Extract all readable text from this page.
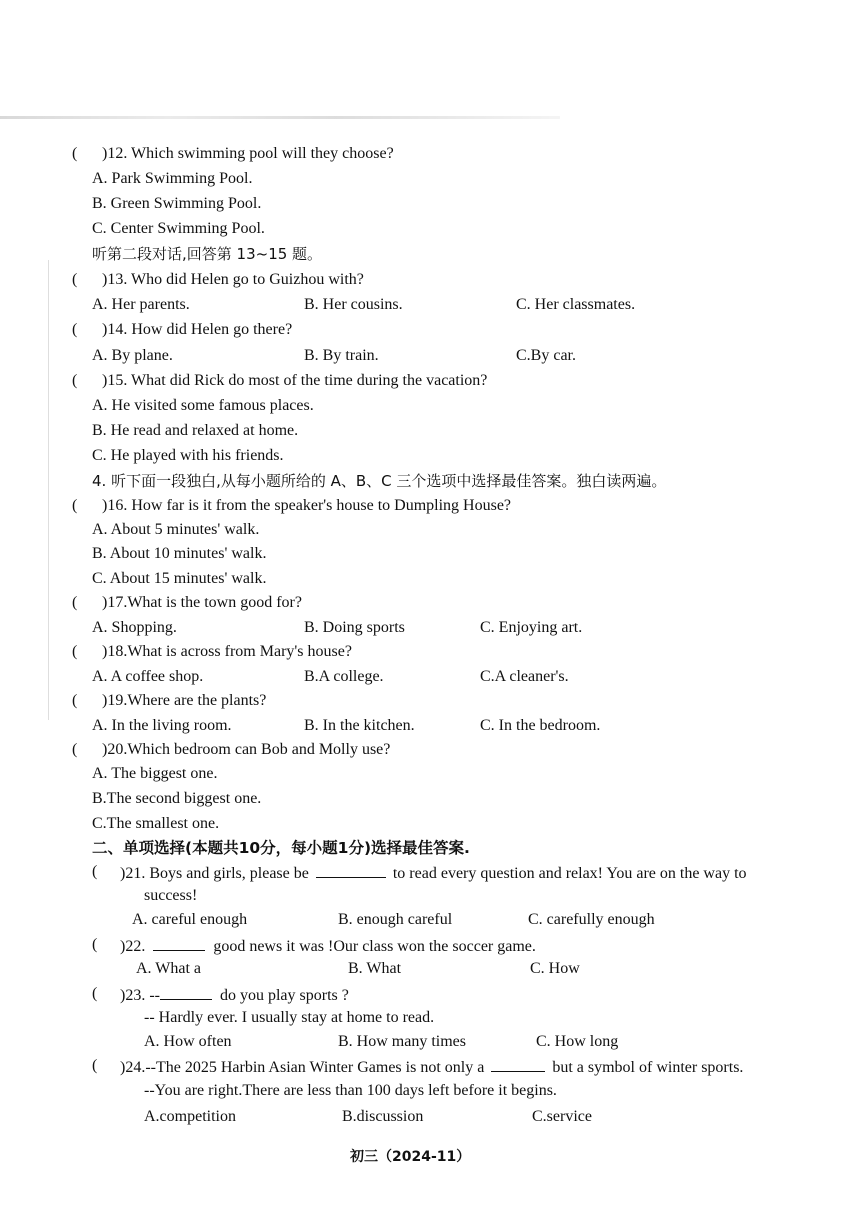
( )12. Which swimming pool will they choose?
A. Park Swimming Pool.
B. Green Swimming Pool.
C. Center Swimming Pool.
听第二段对话,回答第 13~15 题。
( )13. Who did Helen go to Guizhou with?
A. Her parents.	B. Her cousins.	C. Her classmates.
( )14. How did Helen go there?
A. By plane.	B. By train.	C.By car.
( )15. What did Rick do most of the time during the vacation?
A. He visited some famous places.
B. He read and relaxed at home.
C. He played with his friends.
4. 听下面一段独白,从每小题所给的 A、B、C 三个选项中选择最佳答案。独白读两遍。
( )16. How far is it from the speaker's house to Dumpling House?
A. About 5 minutes' walk.
B. About 10 minutes' walk.
C. About 15 minutes' walk.
( )17.What is the town good for?
A. Shopping.	B. Doing sports	C. Enjoying art.
( )18.What is across from Mary's house?
A. A coffee shop.	B.A college.	C.A cleaner's.
( )19.Where are the plants?
A. In the living room.	B. In the kitchen.	C. In the bedroom.
( )20.Which bedroom can Bob and Molly use?
A. The biggest one.
B.The second biggest one.
C.The smallest one.
二、单项选择(本题共10分，每小题1分)选择最佳答案.
( )21. Boys and girls, please be	to read every question and relax! You are on the way to
success!
A. careful enough	B. enough careful	C. carefully enough
( )22.	good news it was !Our class won the soccer game.
A. What a	B. What	C. How
( )23. --	do you play sports ?
-- Hardly ever. I usually stay at home to read.
A. How often	B. How many times	C. How long
( )24.--The 2025 Harbin Asian Winter Games is not only a	but a symbol of winter sports.
--You are right.There are less than 100 days left before it begins.
A.competition	B.discussion	C.service
初三（2024-11）
